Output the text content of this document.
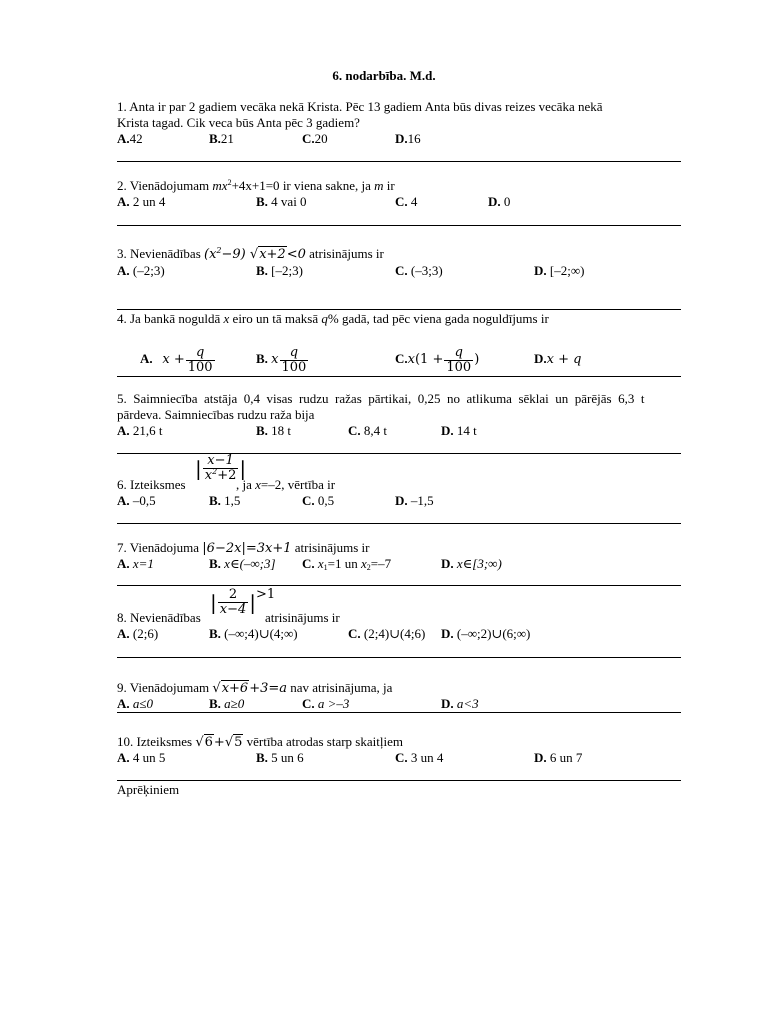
6. nodarbība. M.d.
1. Anta ir par 2 gadiem vecāka nekā Krista. Pēc 13 gadiem Anta būs divas reizes vecāka nekā
Krista tagad. Cik veca būs Anta pēc 3 gadiem?
A.42	B.21	C.20	D.16
2. Vienādojumam $mx^2+4x+1=0$ ir viena sakne, ja m ir
A. 2 un 4	B. 4 vai 0	C. 4	D. 0
3. Nevienādības $(x^2-9)$ √x+2<0 atrisinājums ir
A. (–2;3)	B. [–2;3)	C. (–3;3)	D. [–2;∞)
4. Ja bankā noguldā x eiro un tā maksā q% gadā, tad pēc viena gada noguldījums ir
A. $x + \frac{q}{100}$	B. x $\frac{q}{100}$	$C.x(1 + \frac{q}{100}$ )	D.x + q
5.  Saimniecība  atstāja  0,4  visas  rudzu  ražas  pārtikai,  0,25  no  atlikuma  sēklai  un  pārējās  6,3  t
pārdeva. Saimniecības rudzu raža bija
A. 21,6 t	B. 18 t	C. 8,4 t	D. 14 t
6. Izteiksmes
| $\frac{x-1}{x^2+2}$ |
, ja x=–2, vērtība ir
A. –0,5	B. 1,5	C. 0,5	D. –1,5
7. Vienādojuma |6−2x|=3x+1 atrisinājums ir
A. x=1	B. x∈(–∞;3] C. $x_1=1$ un $x_2=-7$	D. x∈[3;∞)
8. Nevienādības
| $\frac{2}{x-4} |>1$
atrisinājums ir
A. (2;6)	B. (–∞;4)∪(4;∞)	C. (2;4)∪(4;6) D. (–∞;2)∪(6;∞)
9. Vienādojumam √x+6+3=a nav atrisinājuma, ja
A. a≤0	B. a≥0	C. a >–3	D. a<3
10. Izteiksmes √6+√5 vērtība atrodas starp skaitļiem
A. 4 un 5	B. 5 un 6	C. 3 un 4	D. 6 un 7
Aprēķiniem
